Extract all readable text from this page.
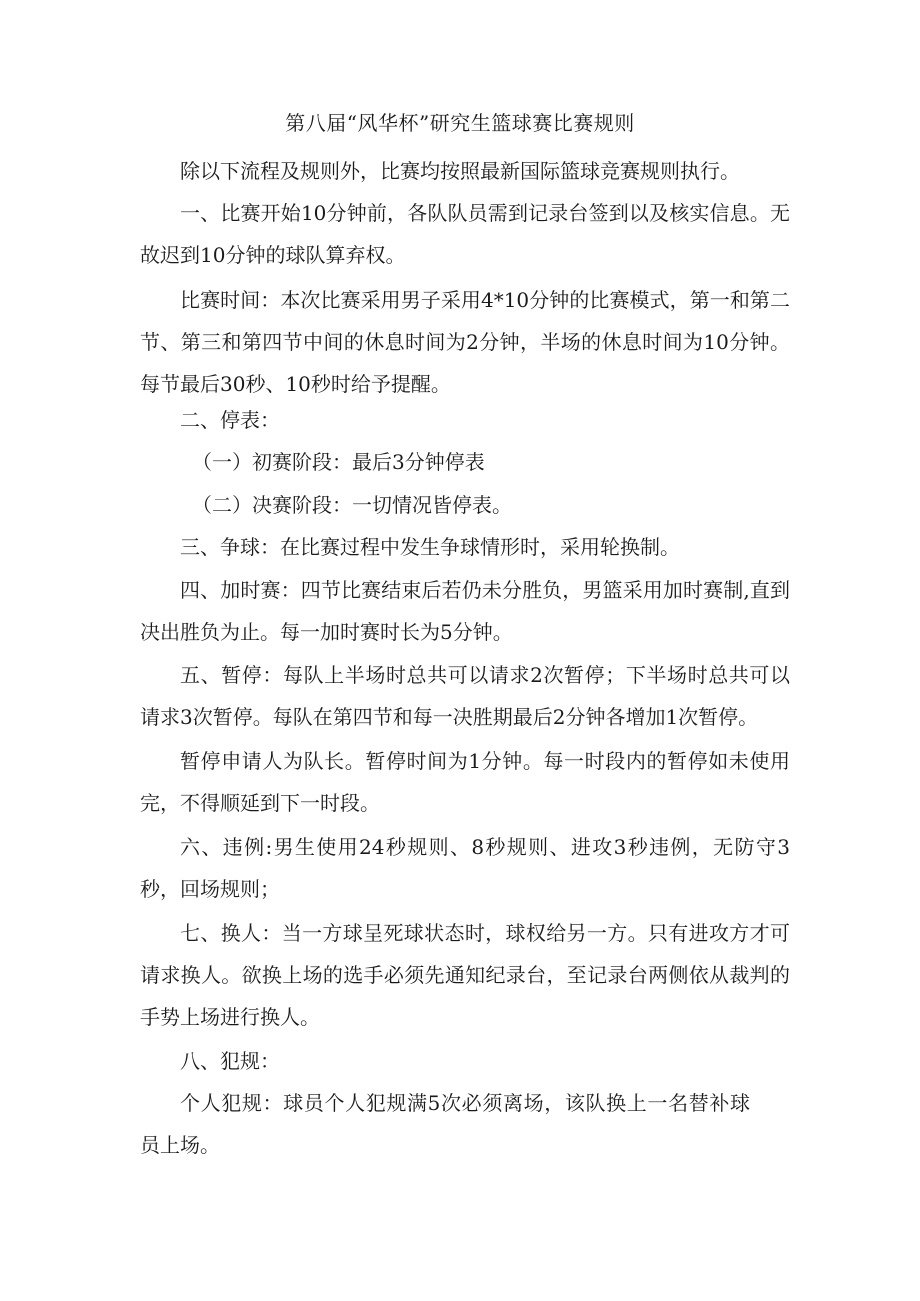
第八届“风华杯”研究生篮球赛比赛规则

除以下流程及规则外，比赛均按照最新国际篮球竞赛规则执行。

一、比赛开始10分钟前，各队队员需到记录台签到以及核实信息。无故迟到10分钟的球队算弃权。

比赛时间：本次比赛采用男子采用4*10分钟的比赛模式，第一和第二节、第三和第四节中间的休息时间为2分钟，半场的休息时间为10分钟。每节最后30秒、10秒时给予提醒。

二、停表：

（一）初赛阶段：最后3分钟停表

（二）决赛阶段：一切情况皆停表。

三、争球：在比赛过程中发生争球情形时，采用轮换制。

四、加时赛：四节比赛结束后若仍未分胜负，男篮采用加时赛制,直到决出胜负为止。每一加时赛时长为5分钟。

五、暂停：每队上半场时总共可以请求2次暂停；下半场时总共可以请求3次暂停。每队在第四节和每一决胜期最后2分钟各增加1次暂停。

暂停申请人为队长。暂停时间为1分钟。每一时段内的暂停如未使用完，不得顺延到下一时段。

六、违例:男生使用24秒规则、8秒规则、进攻3秒违例，无防守3秒，回场规则；

七、换人：当一方球呈死球状态时，球权给另一方。只有进攻方才可请求换人。欲换上场的选手必须先通知纪录台，至记录台两侧依从裁判的手势上场进行换人。

八、犯规：

个人犯规：球员个人犯规满5次必须离场，该队换上一名替补球员上场。
